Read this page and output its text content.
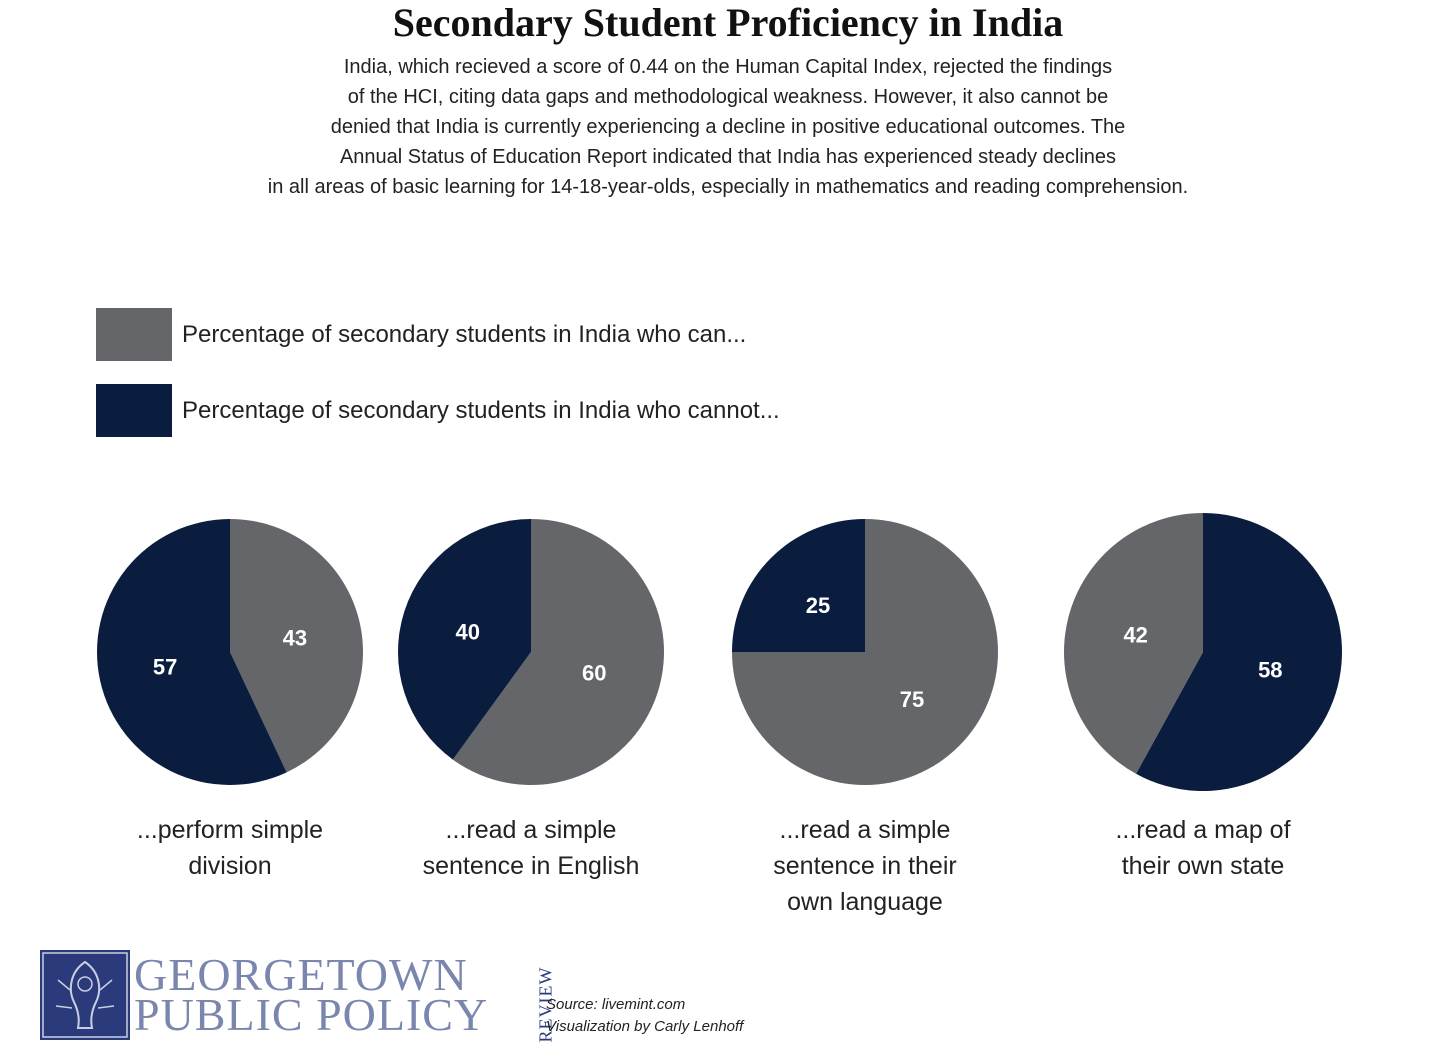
Secondary Student Proficiency in India
India, which recieved a score of 0.44 on the Human Capital Index, rejected the findings
of the HCI, citing data gaps and methodological weakness. However, it also cannot be
denied that India is currently experiencing a decline in positive educational outcomes. The
Annual Status of Education Report indicated that India has experienced steady declines
in all areas of basic learning for 14-18-year-olds, especially in mathematics and reading comprehension.
Percentage of secondary students in India who can...
Percentage of secondary students in India who cannot...
43
57	60
40
75
25
58
42
...perform simple
division
...read a simple
sentence in English
...read a simple
sentence in their
own language
...read a map of
their own state
GEORGETOWN
PUBLIC POLICY	REVIEW
Source: livemint.com
Visualization by Carly Lenhoff
